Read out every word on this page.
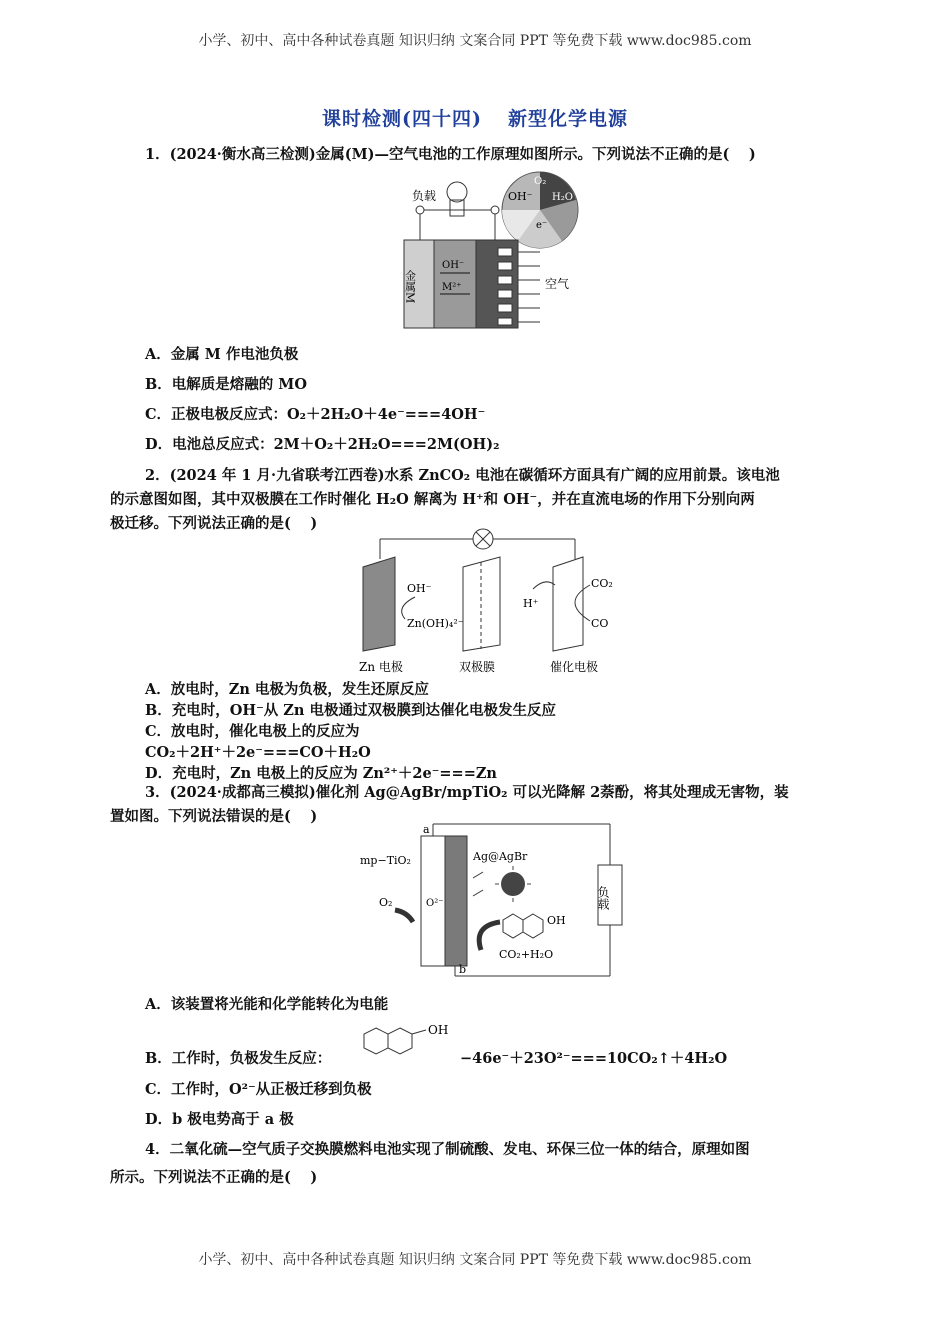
小学、初中、高中各种试卷真题 知识归纳 文案合同 PPT 等免费下载 www.doc985.com
课时检测(四十四) 新型化学电源
1．(2024·衡水高三检测)金属(M)—空气电池的工作原理如图所示。下列说法不正确的是(　 )
OH⁻
O₂
H₂O
e⁻
负载
空气
金属M
OH⁻
M²⁺
A．金属 M 作电池负极
B．电解质是熔融的 MO
C．正极电极反应式：O₂＋2H₂O＋4e⁻===4OH⁻
D．电池总反应式：2M＋O₂＋2H₂O===2M(OH)₂
2．(2024 年 1 月·九省联考江西卷)水系 ZnCO₂ 电池在碳循环方面具有广阔的应用前景。该电池
的示意图如图，其中双极膜在工作时催化 H₂O 解离为 H⁺和 OH⁻，并在直流电场的作用下分别向两
极迁移。下列说法正确的是(　 )
OH⁻
Zn(OH)₄²⁻
H⁺
CO₂
CO
Zn 电极	双极膜	催化电极
A．放电时，Zn 电极为负极，发生还原反应
B．充电时，OH⁻从 Zn 电极通过双极膜到达催化电极发生反应
C．放电时，催化电极上的反应为
CO₂＋2H⁺＋2e⁻===CO＋H₂O
D．充电时，Zn 电极上的反应为 Zn²⁺＋2e⁻===Zn
3．(2024·成都高三模拟)催化剂 Ag@AgBr/mpTiO₂ 可以光降解 2萘酚，将其处理成无害物，装
置如图。下列说法错误的是(　 )
a
b
mp−TiO₂	Ag@AgBr
O₂	O²⁻
OH
CO₂+H₂O
负载
A．该装置将光能和化学能转化为电能
B．工作时，负极发生反应：
OH
−46e⁻＋23O²⁻===10CO₂↑＋4H₂O
C．工作时，O²⁻从正极迁移到负极
D．b 极电势高于 a 极
4．二氧化硫—空气质子交换膜燃料电池实现了制硫酸、发电、环保三位一体的结合，原理如图
所示。下列说法不正确的是(　 )
小学、初中、高中各种试卷真题 知识归纳 文案合同 PPT 等免费下载 www.doc985.com
